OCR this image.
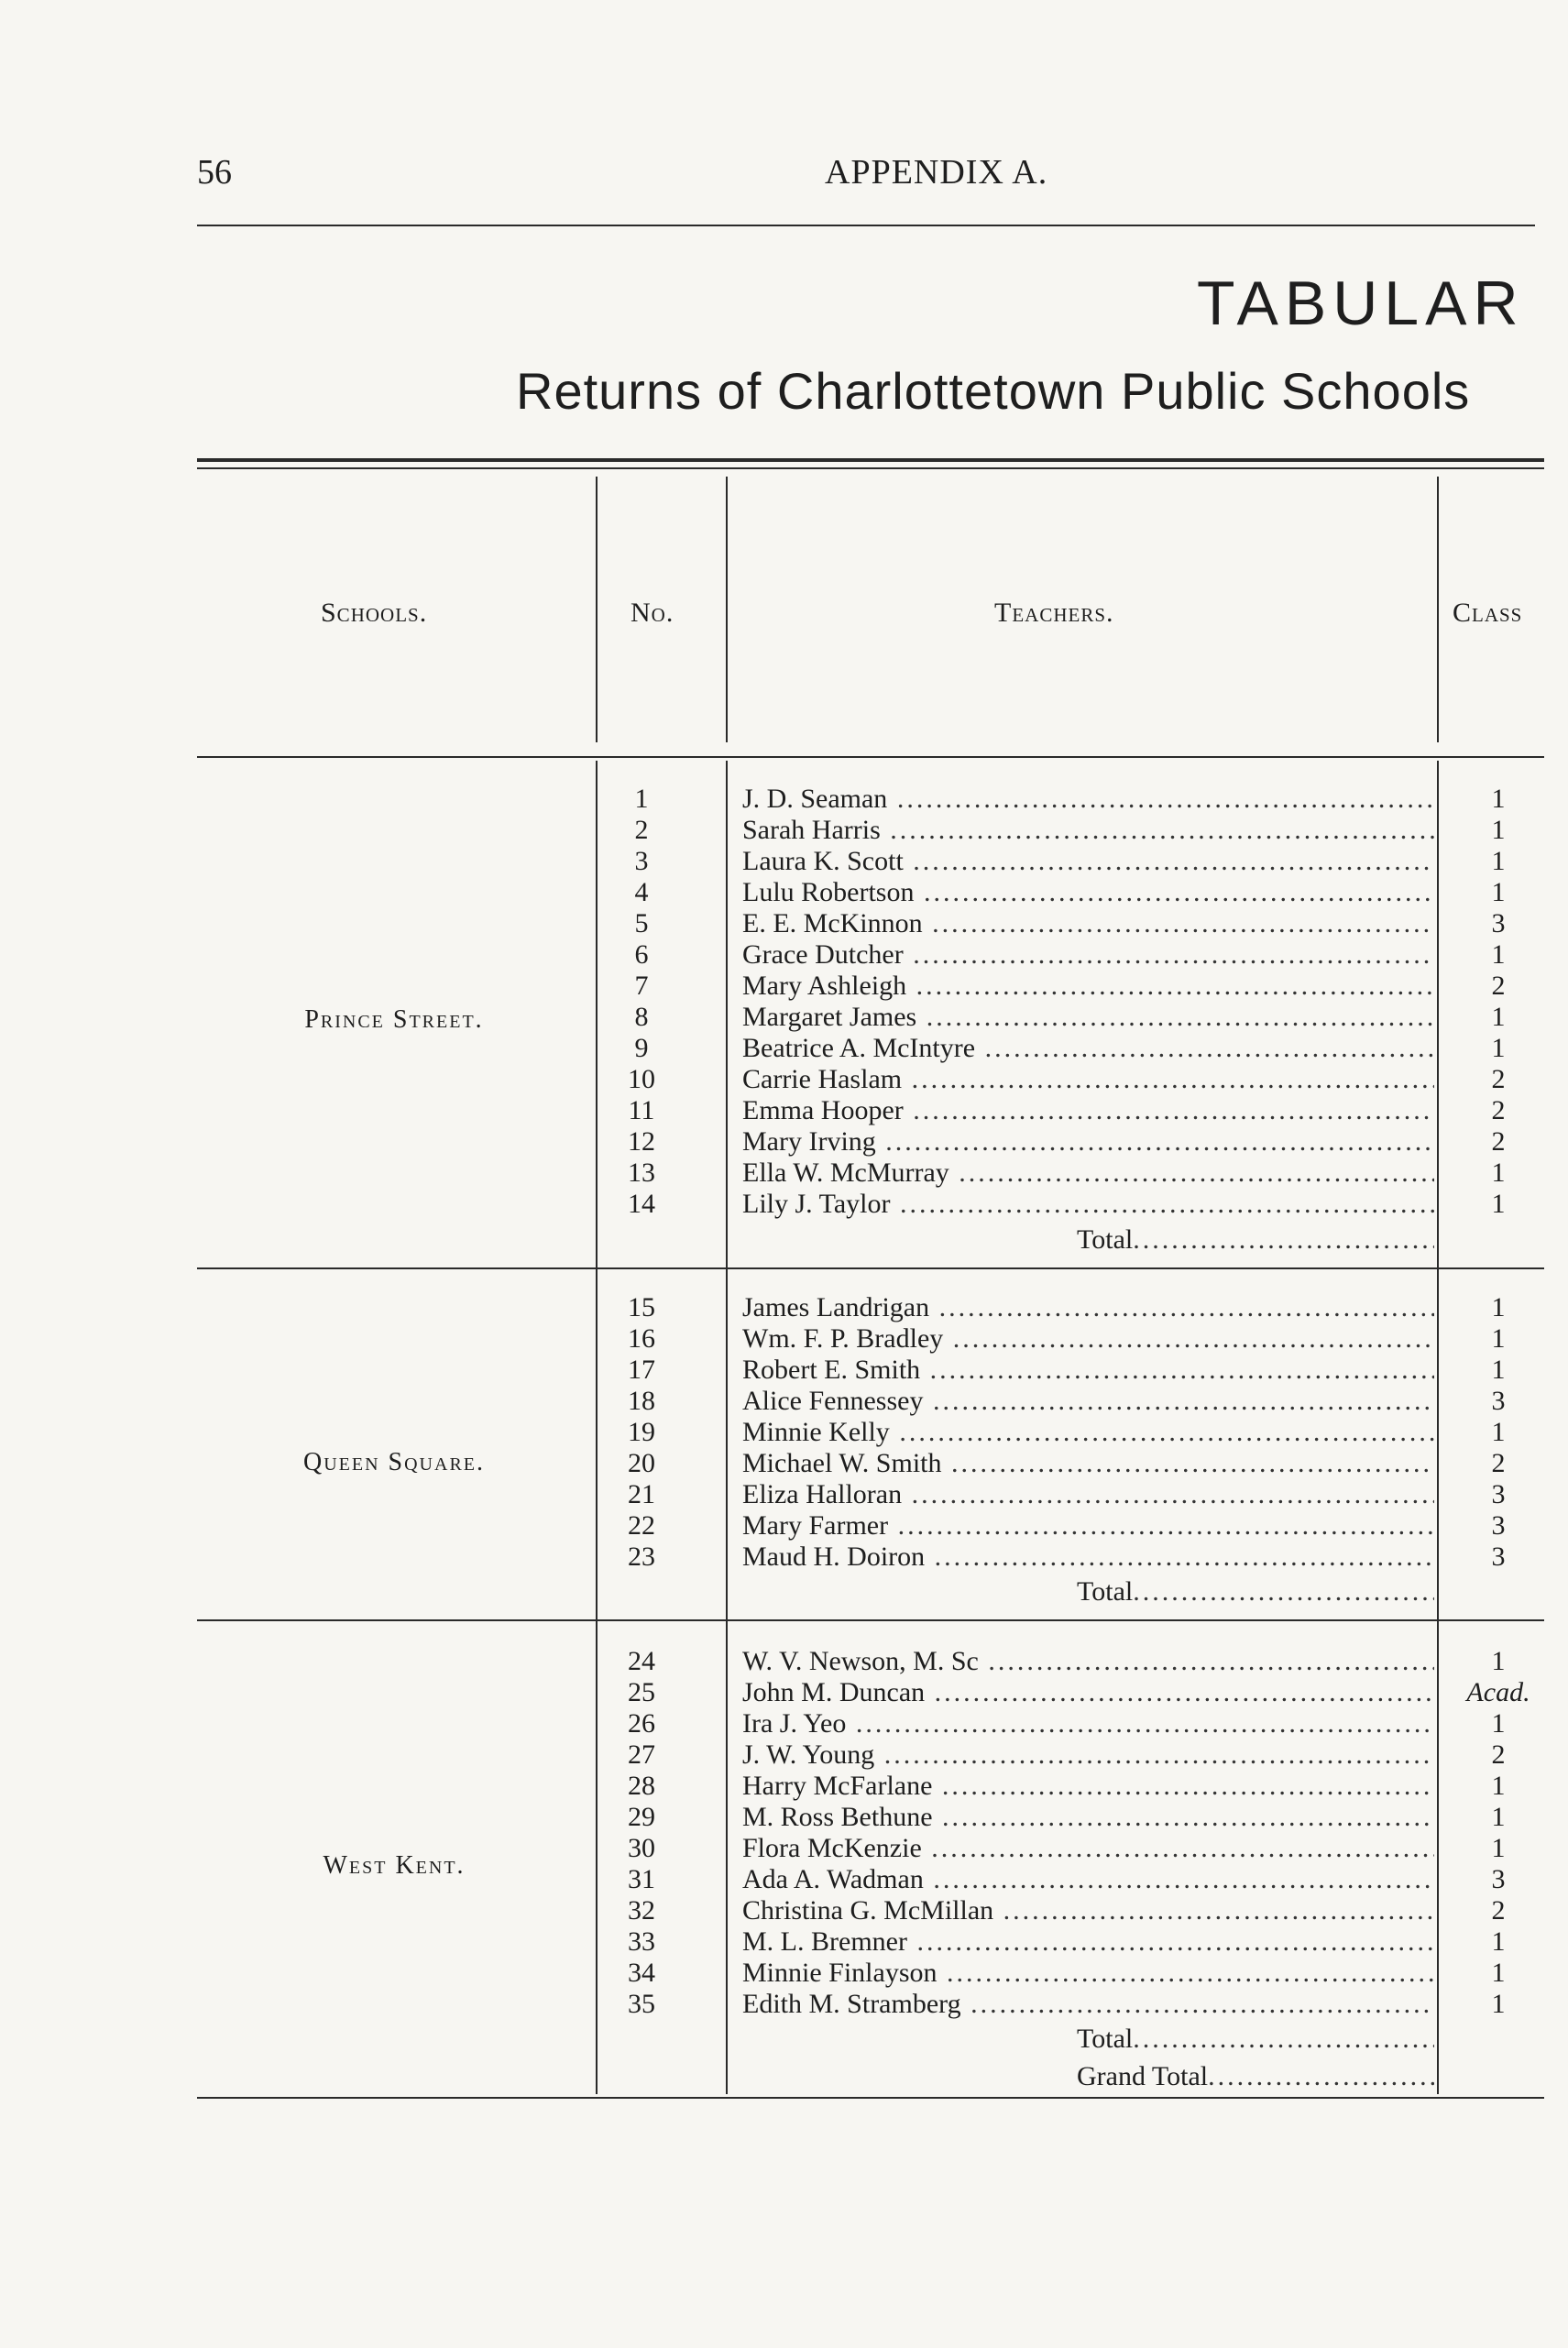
56	APPENDIX A.
TABULAR
Returns of Charlottetown Public Schools
Schools.	No.	Teachers.	Class
Prince Street.
1	J. D. Seaman .....	1
2	Sarah Harris .....	1
3	Laura K. Scott .....	1
4	Lulu Robertson .....	1
5	E. E. McKinnon .....	3
6	Grace Dutcher .....	1
7	Mary Ashleigh .....	2
8	Margaret James .....	1
9	Beatrice A. McIntyre .....	1
10	Carrie Haslam .....	2
11	Emma Hooper .....	2
12	Mary Irving .....	2
13	Ella W. McMurray .....	1
14	Lily J. Taylor .....	1
Total .....
Queen Square.
15	James Landrigan .....	1
16	Wm. F. P. Bradley .....	1
17	Robert E. Smith .....	1
18	Alice Fennessey .....	3
19	Minnie Kelly .....	1
20	Michael W. Smith .....	2
21	Eliza Halloran .....	3
22	Mary Farmer .....	3
23	Maud H. Doiron .....	3
Total .....
West Kent.
24	W. V. Newson, M. Sc .....	1
25	John M. Duncan .....	Acad.
26	Ira J. Yeo .....	1
27	J. W. Young .....	2
28	Harry McFarlane .....	1
29	M. Ross Bethune .....	1
30	Flora McKenzie .....	1
31	Ada A. Wadman .....	3
32	Christina G. McMillan .....	2
33	M. L. Bremner .....	1
34	Minnie Finlayson .....	1
35	Edith M. Stramberg .....	1
Total .....
Grand Total .....
